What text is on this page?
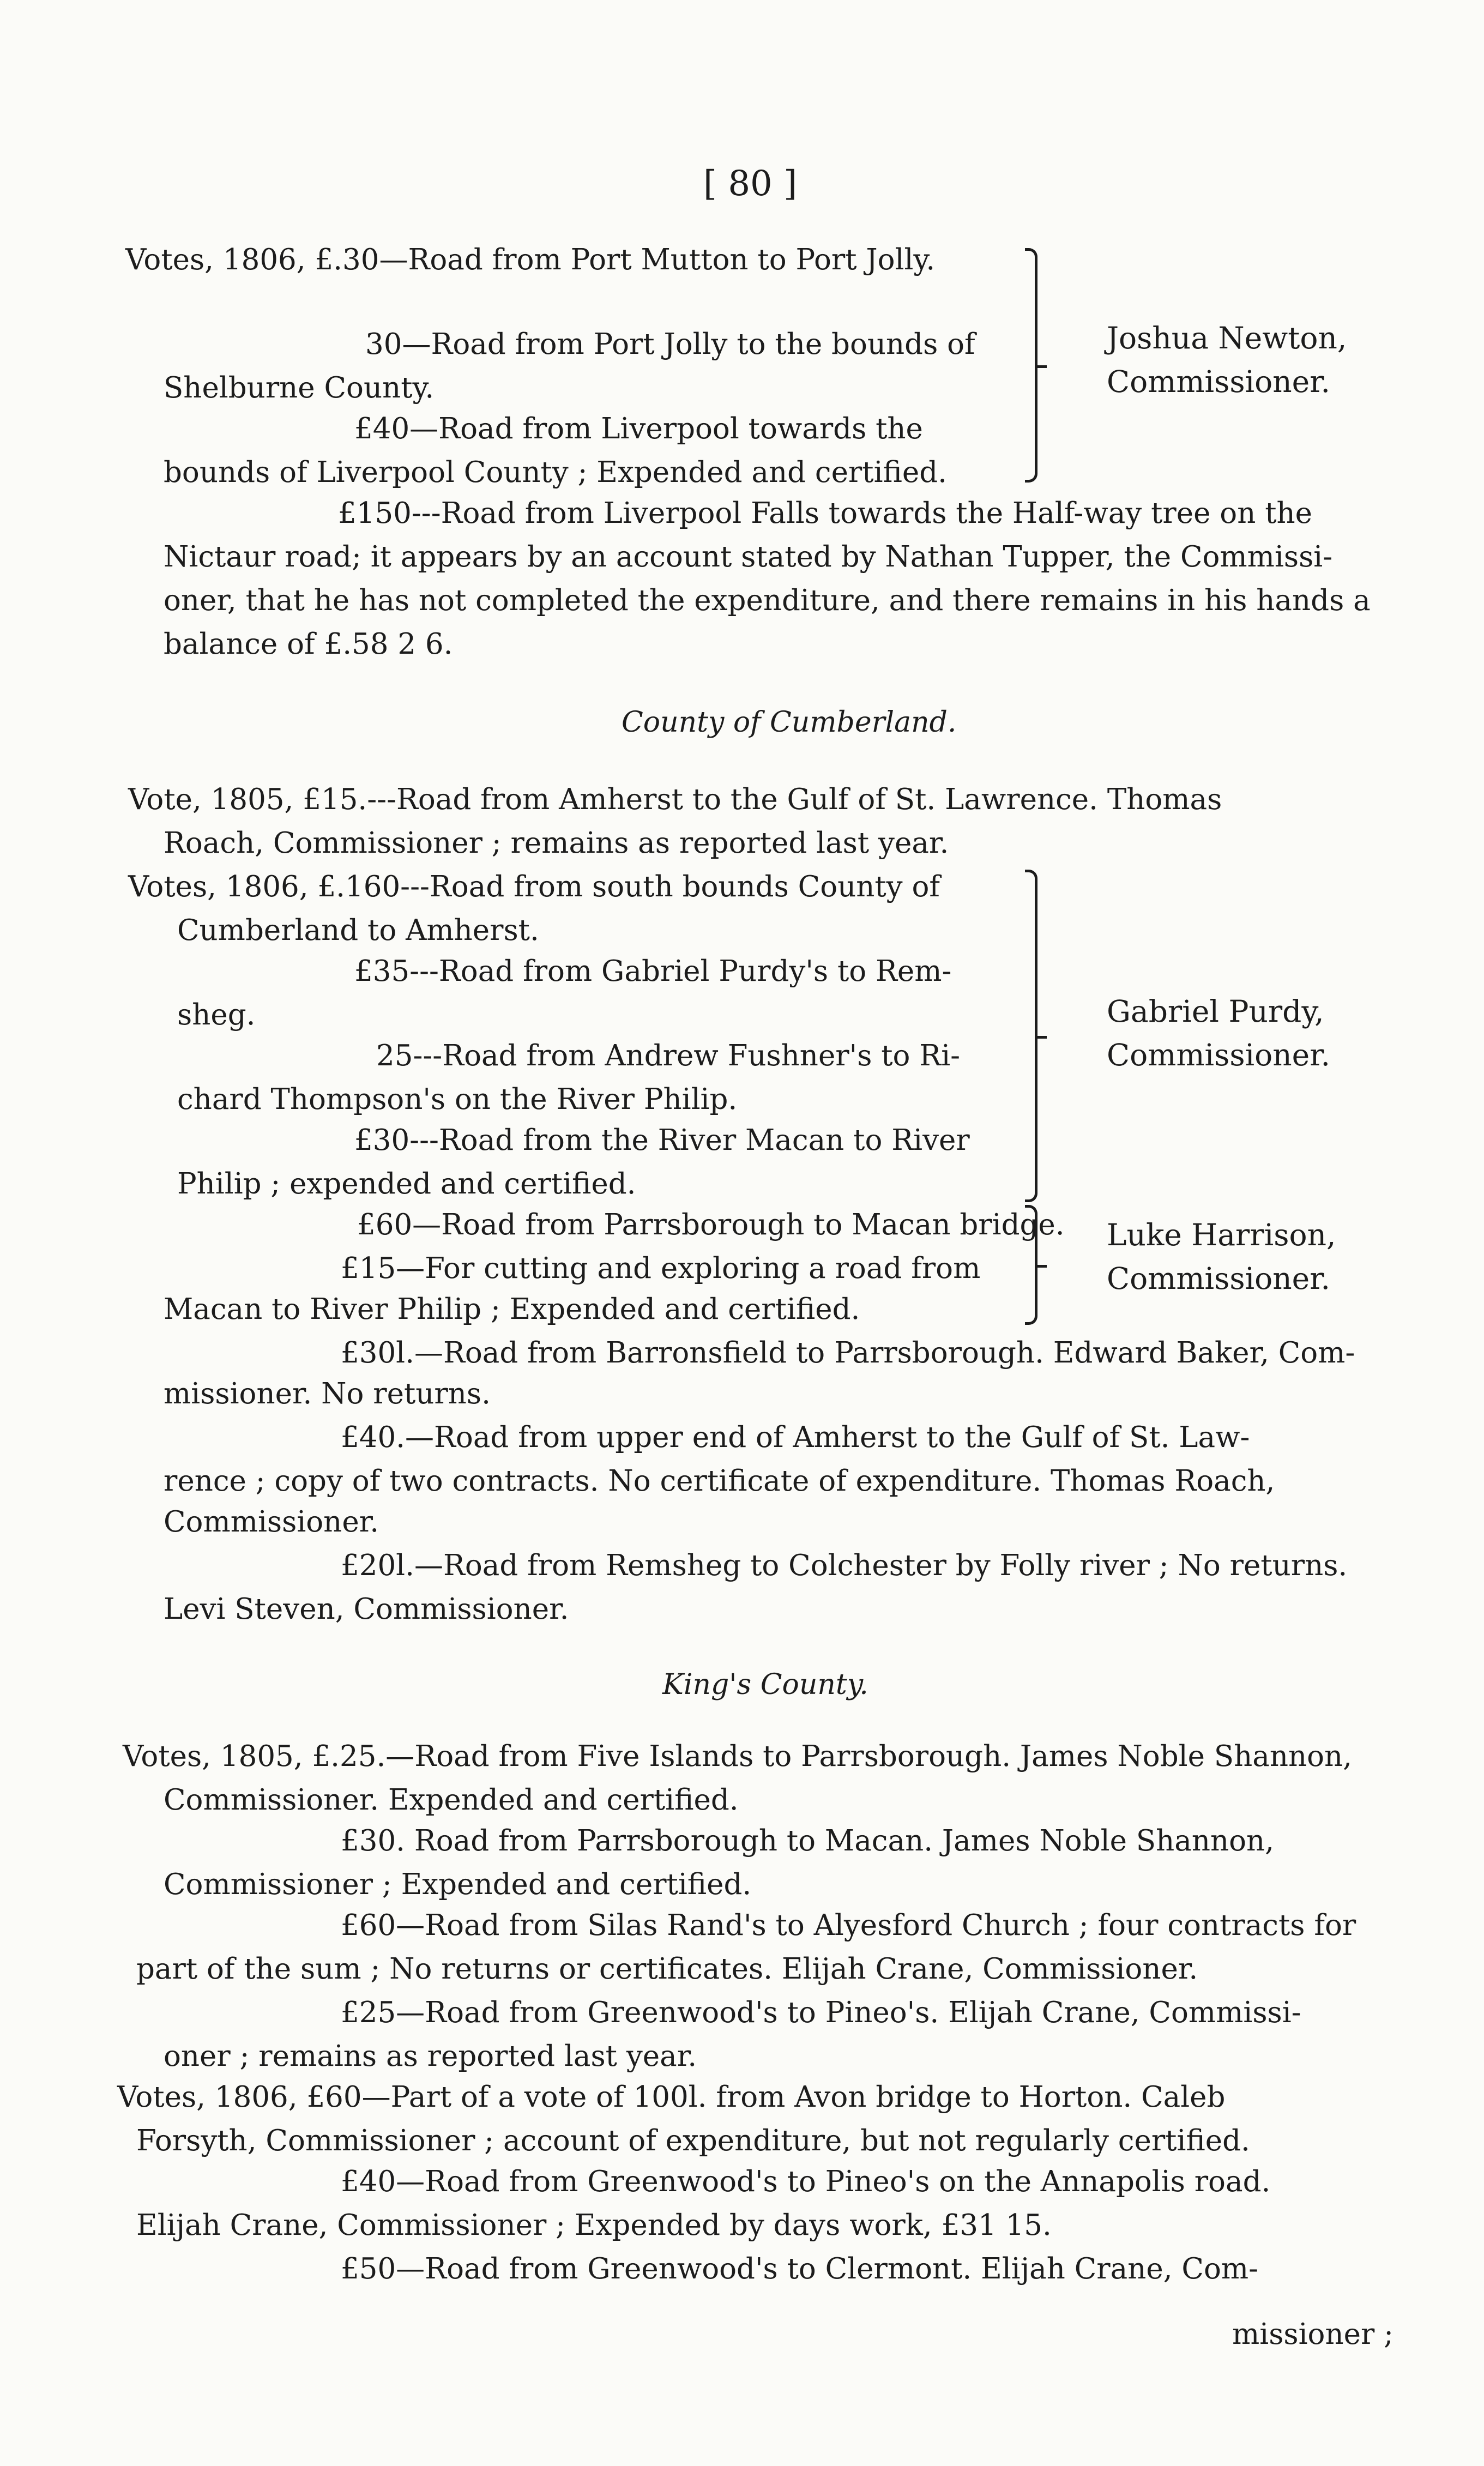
[ 80 ]
Votes, 1806, £.30—Road from Port Mutton to Port Jolly.
30—Road from Port Jolly to the bounds of
Shelburne County.
£40—Road from Liverpool towards the
bounds of Liverpool County ; Expended and certified.
Joshua Newton,
Commissioner.
£150---Road from Liverpool Falls towards the Half-way tree on the
Nictaur road; it appears by an account stated by Nathan Tupper, the Commissi-
oner, that he has not completed the expenditure, and there remains in his hands a
balance of £.58 2 6.
County of Cumberland.
Vote, 1805, £15.---Road from Amherst to the Gulf of St. Lawrence. Thomas
Roach, Commissioner ; remains as reported last year.
Votes, 1806, £.160---Road from south bounds County of
Cumberland to Amherst.
£35---Road from Gabriel Purdy's to Rem-
sheg.
25---Road from Andrew Fushner's to Ri-
chard Thompson's on the River Philip.
£30---Road from the River Macan to River
Philip ; expended and certified.
Gabriel Purdy,
Commissioner.
£60—Road from Parrsborough to Macan bridge.
£15—For cutting and exploring a road from
Macan to River Philip ; Expended and certified.
Luke Harrison,
Commissioner.
£30l.—Road from Barronsfield to Parrsborough. Edward Baker, Com-
missioner. No returns.
£40.—Road from upper end of Amherst to the Gulf of St. Law-
rence ; copy of two contracts. No certificate of expenditure. Thomas Roach,
Commissioner.
£20l.—Road from Remsheg to Colchester by Folly river ; No returns.
Levi Steven, Commissioner.
King's County.
Votes, 1805, £.25.—Road from Five Islands to Parrsborough. James Noble Shannon,
Commissioner. Expended and certified.
£30. Road from Parrsborough to Macan. James Noble Shannon,
Commissioner ; Expended and certified.
£60—Road from Silas Rand's to Alyesford Church ; four contracts for
part of the sum ; No returns or certificates. Elijah Crane, Commissioner.
£25—Road from Greenwood's to Pineo's. Elijah Crane, Commissi-
oner ; remains as reported last year.
Votes, 1806, £60—Part of a vote of 100l. from Avon bridge to Horton. Caleb
Forsyth, Commissioner ; account of expenditure, but not regularly certified.
£40—Road from Greenwood's to Pineo's on the Annapolis road.
Elijah Crane, Commissioner ; Expended by days work, £31 15.
£50—Road from Greenwood's to Clermont. Elijah Crane, Com-
missioner ;
